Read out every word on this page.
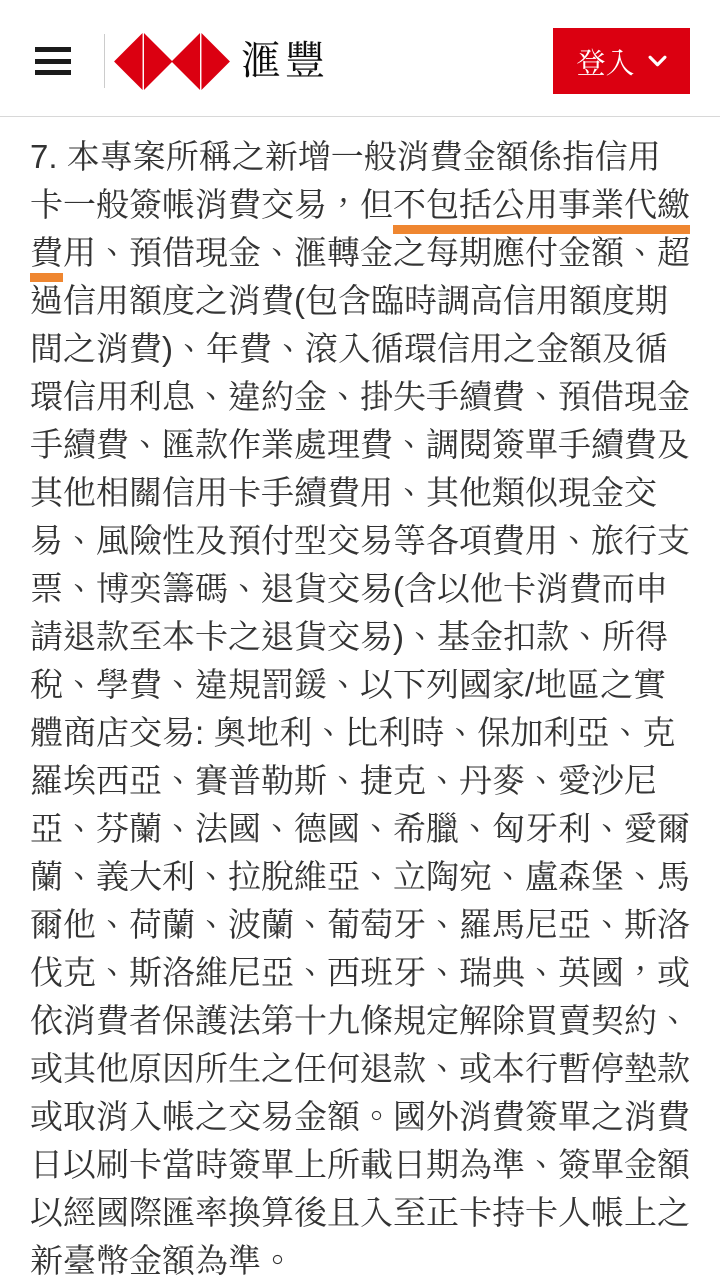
滙豐	登入

7. 本專案所稱之新增一般消費金額係指信用卡一般簽帳消費交易，但不包括公用事業代繳費用、預借現金、滙轉金之每期應付金額、超過信用額度之消費(包含臨時調高信用額度期間之消費)、年費、滾入循環信用之金額及循環信用利息、違約金、掛失手續費、預借現金手續費、匯款作業處理費、調閱簽單手續費及其他相關信用卡手續費用、其他類似現金交易、風險性及預付型交易等各項費用、旅行支票、博奕籌碼、退貨交易(含以他卡消費而申請退款至本卡之退貨交易)、基金扣款、所得稅、學費、違規罰鍰、以下列國家/地區之實體商店交易: 奧地利、比利時、保加利亞、克羅埃西亞、賽普勒斯、捷克、丹麥、愛沙尼亞、芬蘭、法國、德國、希臘、匈牙利、愛爾蘭、義大利、拉脫維亞、立陶宛、盧森堡、馬爾他、荷蘭、波蘭、葡萄牙、羅馬尼亞、斯洛伐克、斯洛維尼亞、西班牙、瑞典、英國，或依消費者保護法第十九條規定解除買賣契約、或其他原因所生之任何退款、或本行暫停墊款或取消入帳之交易金額。國外消費簽單之消費日以刷卡當時簽單上所載日期為準、簽單金額以經國際匯率換算後且入至正卡持卡人帳上之新臺幣金額為準。
